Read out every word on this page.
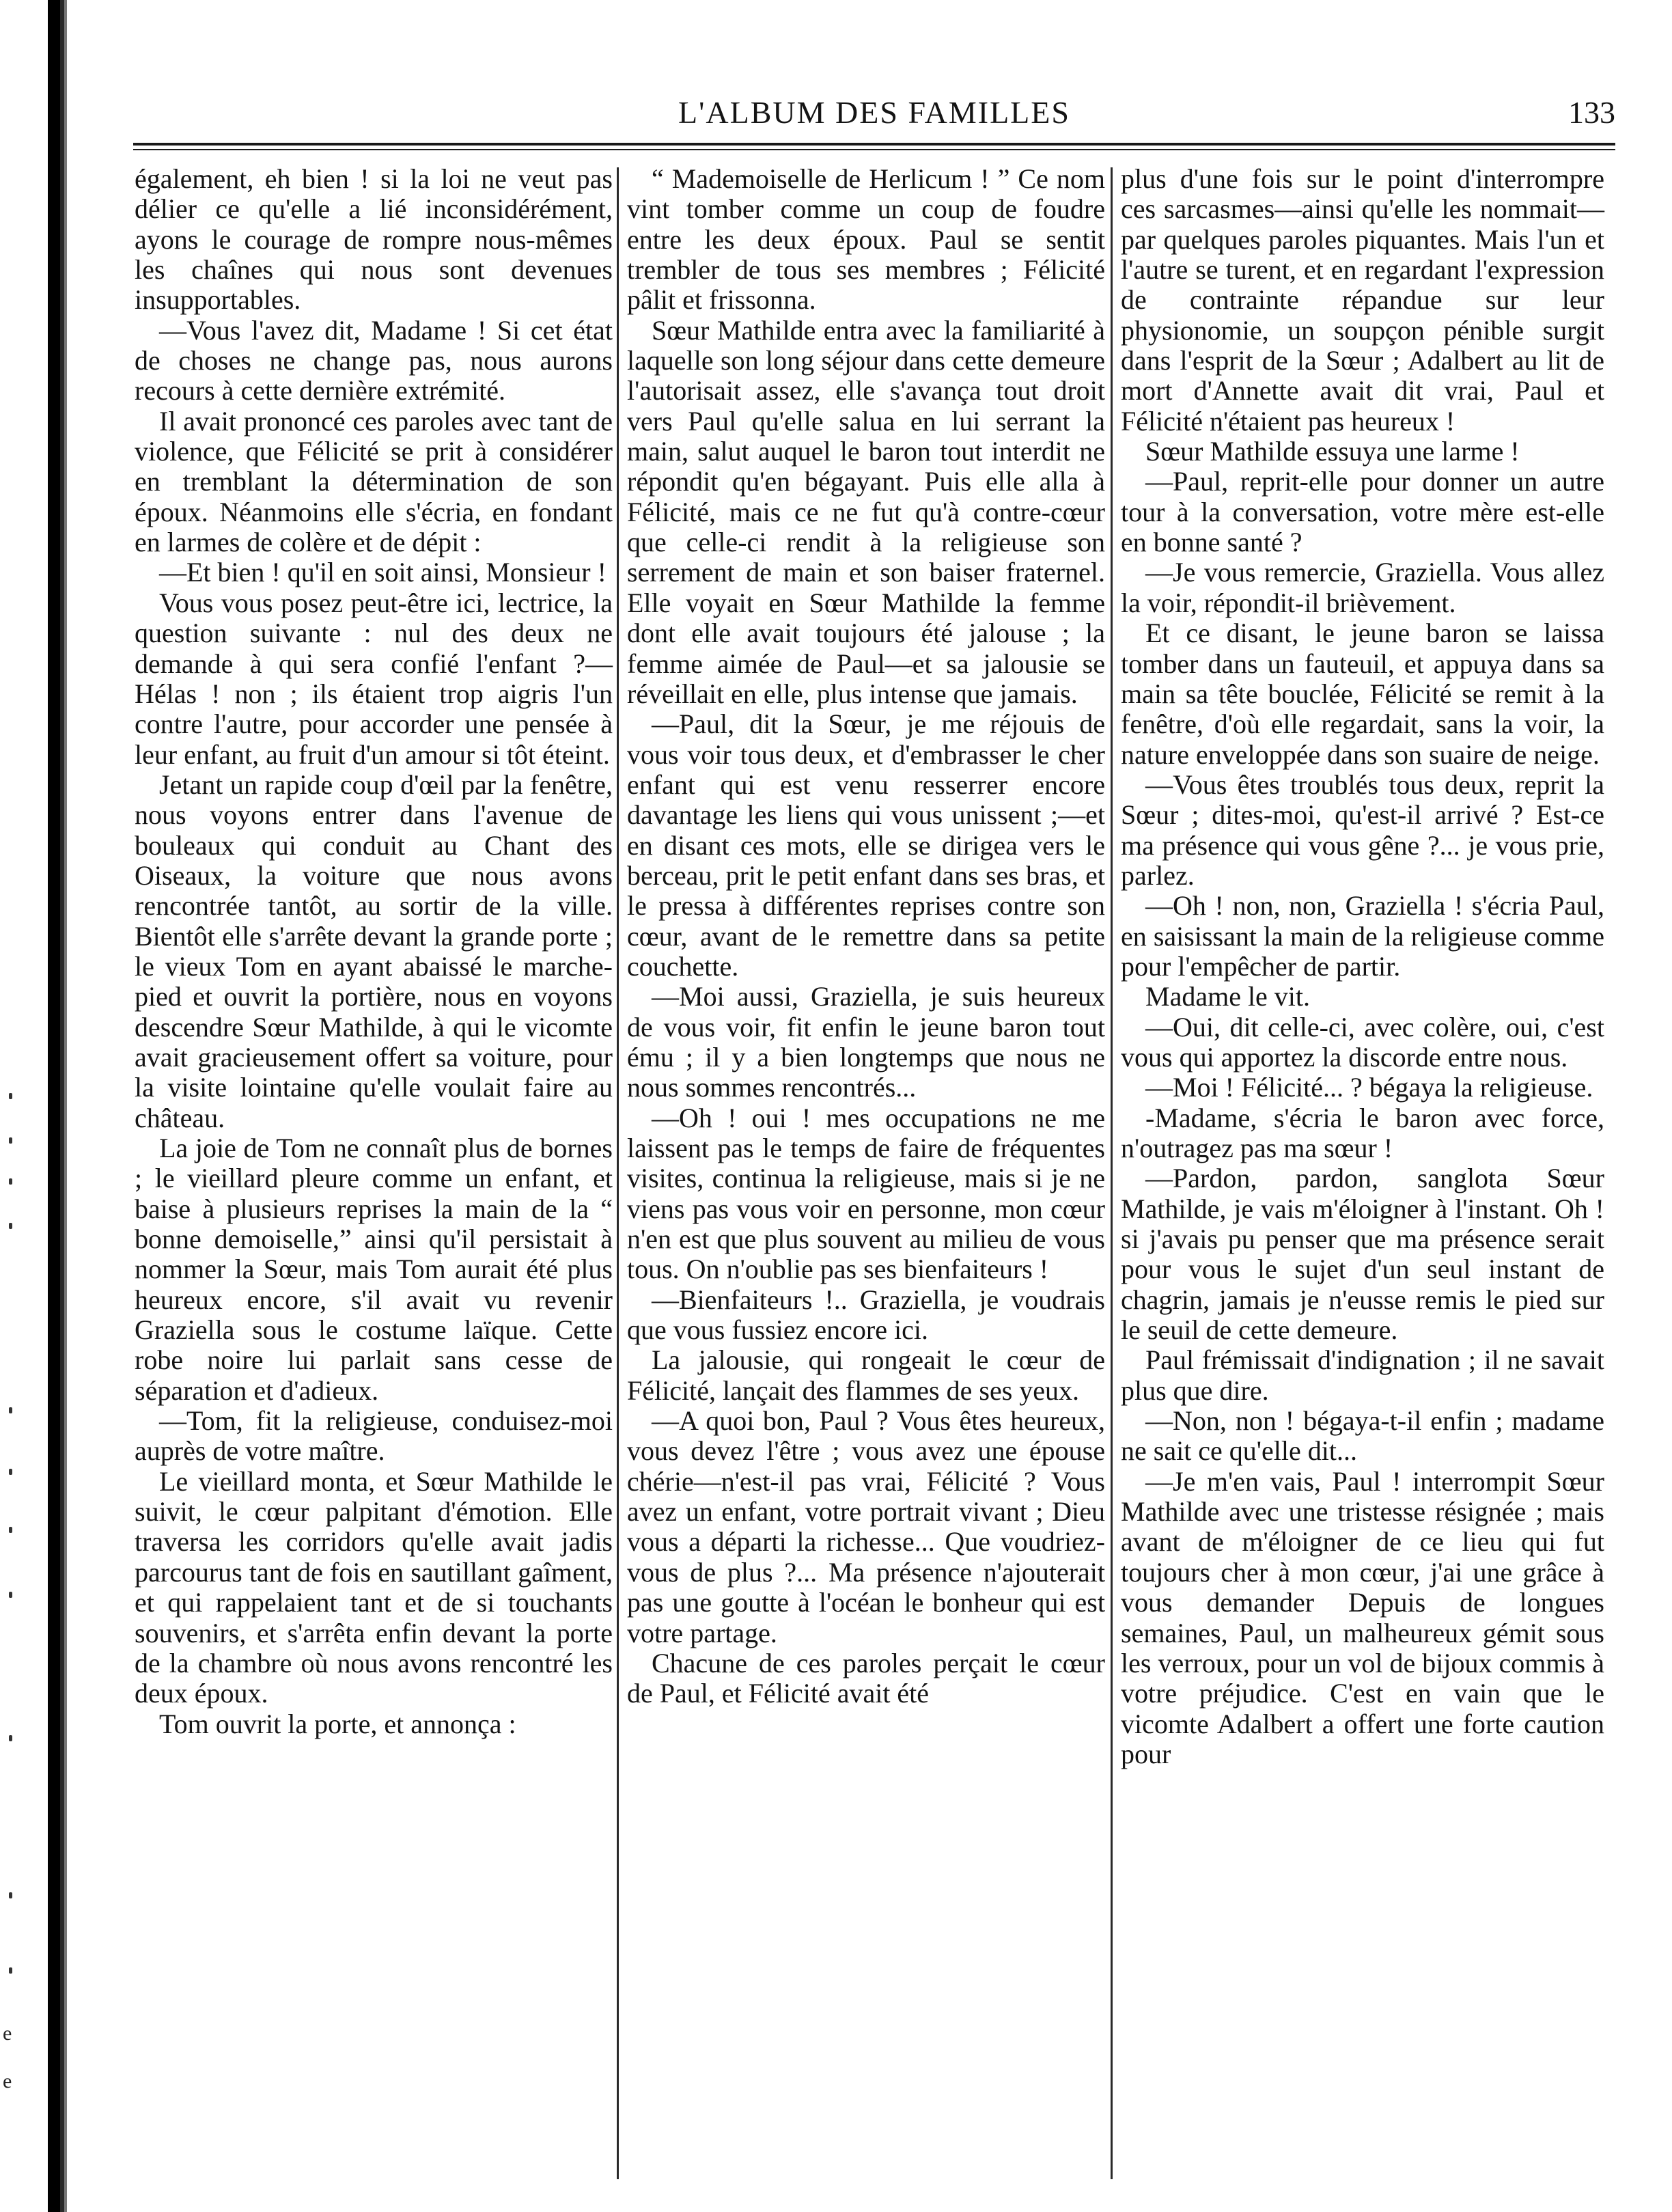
e
e
L'ALBUM DES FAMILLES	133

également, eh bien ! si la loi ne veut pas délier ce qu'elle a lié inconsidérément, ayons le courage de rompre nous-mêmes les chaînes qui nous sont devenues insupportables.

—Vous l'avez dit, Madame ! Si cet état de choses ne change pas, nous aurons recours à cette dernière extrémité.

Il avait prononcé ces paroles avec tant de violence, que Félicité se prit à considérer en tremblant la détermination de son époux. Néanmoins elle s'écria, en fondant en larmes de colère et de dépit :

—Et bien ! qu'il en soit ainsi, Monsieur !

Vous vous posez peut-être ici, lectrice, la question suivante : nul des deux ne demande à qui sera confié l'enfant ?—Hélas ! non ; ils étaient trop aigris l'un contre l'autre, pour accorder une pensée à leur enfant, au fruit d'un amour si tôt éteint.

Jetant un rapide coup d'œil par la fenêtre, nous voyons entrer dans l'avenue de bouleaux qui conduit au Chant des Oiseaux, la voiture que nous avons rencontrée tantôt, au sortir de la ville. Bientôt elle s'arrête devant la grande porte ; le vieux Tom en ayant abaissé le marche-pied et ouvrit la portière, nous en voyons descendre Sœur Mathilde, à qui le vicomte avait gracieusement offert sa voiture, pour la visite lointaine qu'elle voulait faire au château.

La joie de Tom ne connaît plus de bornes ; le vieillard pleure comme un enfant, et baise à plusieurs reprises la main de la “ bonne demoiselle,” ainsi qu'il persistait à nommer la Sœur, mais Tom aurait été plus heureux encore, s'il avait vu revenir Graziella sous le costume laïque. Cette robe noire lui parlait sans cesse de séparation et d'adieux.

—Tom, fit la religieuse, conduisez-moi auprès de votre maître.

Le vieillard monta, et Sœur Mathilde le suivit, le cœur palpitant d'émotion. Elle traversa les corridors qu'elle avait jadis parcourus tant de fois en sautillant gaîment, et qui rappelaient tant et de si touchants souvenirs, et s'arrêta enfin devant la porte de la chambre où nous avons rencontré les deux époux.

Tom ouvrit la porte, et annonça :

“ Mademoiselle de Herlicum ! ” Ce nom vint tomber comme un coup de foudre entre les deux époux. Paul se sentit trembler de tous ses membres ; Félicité pâlit et frissonna.

Sœur Mathilde entra avec la familiarité à laquelle son long séjour dans cette demeure l'autorisait assez, elle s'avança tout droit vers Paul qu'elle salua en lui serrant la main, salut auquel le baron tout interdit ne répondit qu'en bégayant. Puis elle alla à Félicité, mais ce ne fut qu'à contre-cœur que celle-ci rendit à la religieuse son serrement de main et son baiser fraternel. Elle voyait en Sœur Mathilde la femme dont elle avait toujours été jalouse ; la femme aimée de Paul—et sa jalousie se réveillait en elle, plus intense que jamais.

—Paul, dit la Sœur, je me réjouis de vous voir tous deux, et d'embrasser le cher enfant qui est venu resserrer encore davantage les liens qui vous unissent ;—et en disant ces mots, elle se dirigea vers le berceau, prit le petit enfant dans ses bras, et le pressa à différentes reprises contre son cœur, avant de le remettre dans sa petite couchette.

—Moi aussi, Graziella, je suis heureux de vous voir, fit enfin le jeune baron tout ému ; il y a bien longtemps que nous ne nous sommes rencontrés...

—Oh ! oui ! mes occupations ne me laissent pas le temps de faire de fréquentes visites, continua la religieuse, mais si je ne viens pas vous voir en personne, mon cœur n'en est que plus souvent au milieu de vous tous. On n'oublie pas ses bienfaiteurs !

—Bienfaiteurs !.. Graziella, je voudrais que vous fussiez encore ici.

La jalousie, qui rongeait le cœur de Félicité, lançait des flammes de ses yeux.

—A quoi bon, Paul ? Vous êtes heureux, vous devez l'être ; vous avez une épouse chérie—n'est-il pas vrai, Félicité ? Vous avez un enfant, votre portrait vivant ; Dieu vous a départi la richesse... Que voudriez-vous de plus ?... Ma présence n'ajouterait pas une goutte à l'océan le bonheur qui est votre partage.

Chacune de ces paroles perçait le cœur de Paul, et Félicité avait été

plus d'une fois sur le point d'interrompre ces sarcasmes—ainsi qu'elle les nommait—par quelques paroles piquantes. Mais l'un et l'autre se turent, et en regardant l'expression de contrainte répandue sur leur physionomie, un soupçon pénible surgit dans l'esprit de la Sœur ; Adalbert au lit de mort d'Annette avait dit vrai, Paul et Félicité n'étaient pas heureux !

Sœur Mathilde essuya une larme !

—Paul, reprit-elle pour donner un autre tour à la conversation, votre mère est-elle en bonne santé ?

—Je vous remercie, Graziella. Vous allez la voir, répondit-il brièvement.

Et ce disant, le jeune baron se laissa tomber dans un fauteuil, et appuya dans sa main sa tête bouclée, Félicité se remit à la fenêtre, d'où elle regardait, sans la voir, la nature enveloppée dans son suaire de neige.

—Vous êtes troublés tous deux, reprit la Sœur ; dites-moi, qu'est-il arrivé ? Est-ce ma présence qui vous gêne ?... je vous prie, parlez.

—Oh ! non, non, Graziella ! s'écria Paul, en saisissant la main de la religieuse comme pour l'empêcher de partir.

Madame le vit.

—Oui, dit celle-ci, avec colère, oui, c'est vous qui apportez la discorde entre nous.

—Moi ! Félicité... ? bégaya la religieuse.

-Madame, s'écria le baron avec force, n'outragez pas ma sœur !

—Pardon, pardon, sanglota Sœur Mathilde, je vais m'éloigner à l'instant. Oh ! si j'avais pu penser que ma présence serait pour vous le sujet d'un seul instant de chagrin, jamais je n'eusse remis le pied sur le seuil de cette demeure.

Paul frémissait d'indignation ; il ne savait plus que dire.

—Non, non ! bégaya-t-il enfin ; madame ne sait ce qu'elle dit...

—Je m'en vais, Paul ! interrompit Sœur Mathilde avec une tristesse résignée ; mais avant de m'éloigner de ce lieu qui fut toujours cher à mon cœur, j'ai une grâce à vous demander Depuis de longues semaines, Paul, un malheureux gémit sous les verroux, pour un vol de bijoux commis à votre préjudice. C'est en vain que le vicomte Adalbert a offert une forte caution pour
